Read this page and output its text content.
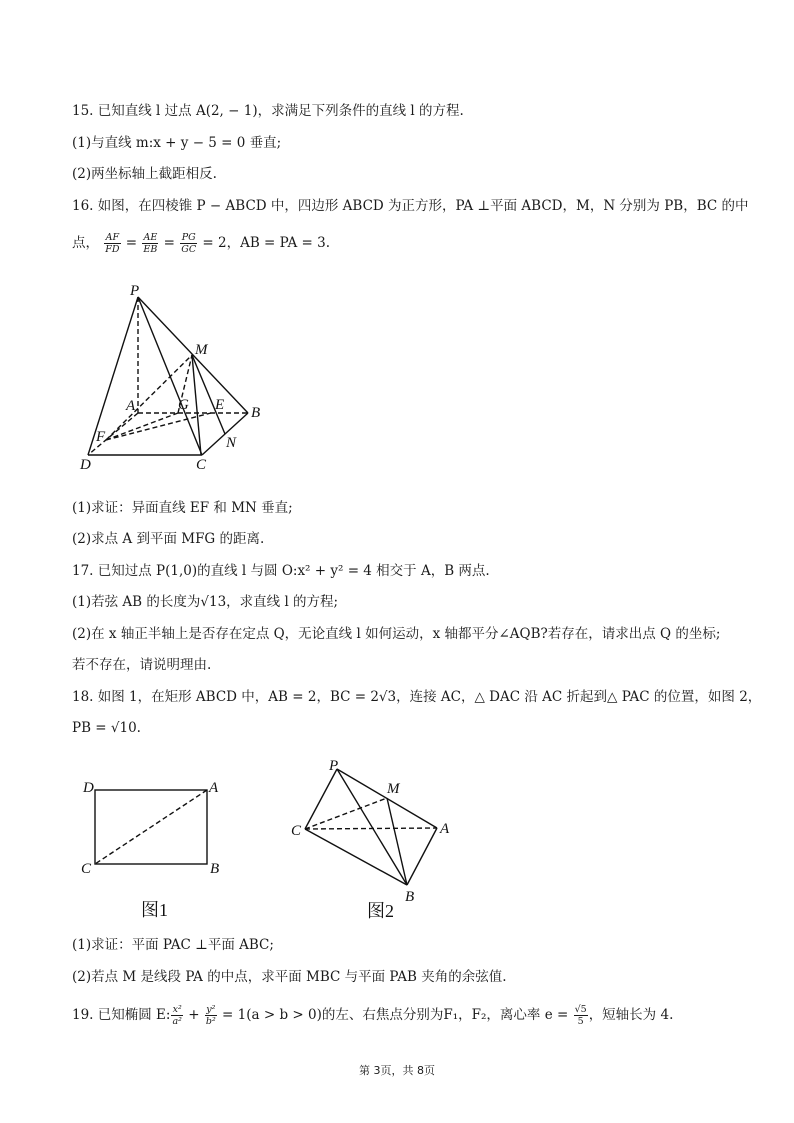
15. 已知直线 l 过点 A(2, − 1)，求满足下列条件的直线 l 的方程.
(1)与直线 m:x + y − 5 = 0 垂直;
(2)两坐标轴上截距相反.
16. 如图，在四棱锥 P − ABCD 中，四边形 ABCD 为正方形，PA ⊥平面 ABCD，M，N 分别为 PB，BC 的中
点， $\frac{AF}{FD} = \frac{AE}{EB} = \frac{PG}{GC} = 2$，AB = PA = 3.
P
M
A	G E B
F	N
D	C
(1)求证：异面直线 EF 和 MN 垂直;
(2)求点 A 到平面 MFG 的距离.
17. 已知过点 P(1,0)的直线 l 与圆 O:x² + y² = 4 相交于 A，B 两点.
(1)若弦 AB 的长度为√13，求直线 l 的方程;
(2)在 x 轴正半轴上是否存在定点 Q，无论直线 l 如何运动，x 轴都平分∠AQB?若存在，请求出点 Q 的坐标;
若不存在，请说明理由.
18. 如图 1，在矩形 ABCD 中，AB = 2，BC = 2√3，连接 AC，△ DAC 沿 AC 折起到△ PAC 的位置，如图 2，
PB = √10.
D	A
C	B
图1
P
M
C	A
B
图2
(1)求证：平面 PAC ⊥平面 ABC;
(2)若点 M 是线段 PA 的中点，求平面 MBC 与平面 PAB 夹角的余弦值.
19. 已知椭圆 E: $\frac{\text{x²}}{\text{a²}} + \frac{\text{y²}}{\text{b²}} = 1(a > b > 0)$的左、右焦点分别为F₁，F₂，离心率 $e = \frac{√5}{5}$ ，短轴长为 4.
第 3页，共 8页
